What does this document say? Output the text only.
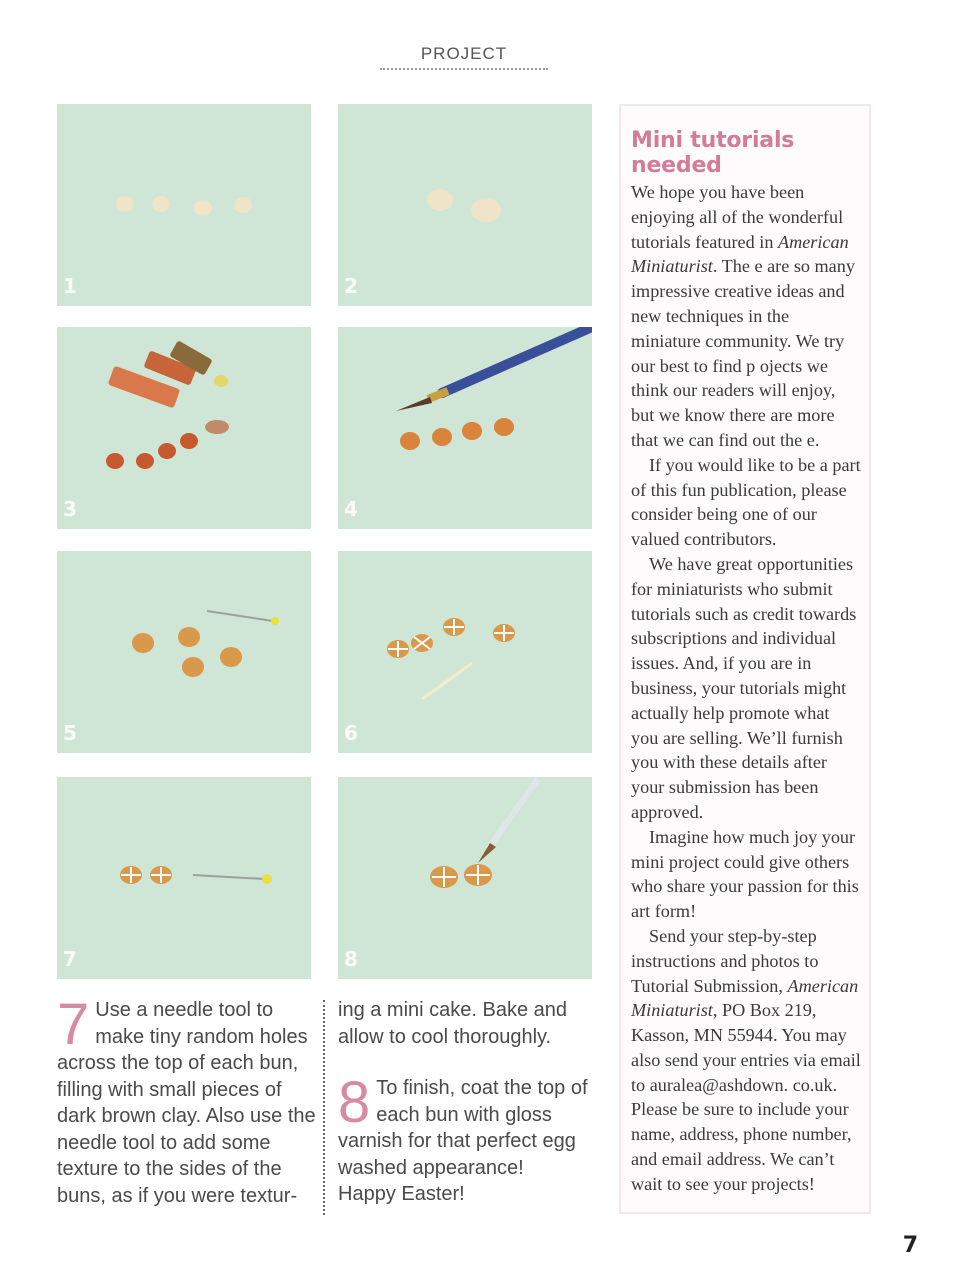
PROJECT
1	2
3	4
5	6
7	8
7 Use a needle tool to make tiny random holes across the top of each bun, filling with small pieces of dark brown clay. Also use the needle tool to add some texture to the sides of the buns, as if you were textur-
ing a mini cake. Bake and allow to cool thoroughly.
8 To finish, coat the top of each bun with gloss varnish for that perfect egg washed appearance!
Happy Easter!
Mini tutorials needed

We hope you have been enjoying all of the wonderful tutorials featured in American Miniaturist. The e are so many impressive creative ideas and new techniques in the miniature community. We try our best to find p ojects we think our readers will enjoy, but we know there are more that we can find out the e.

If you would like to be a part of this fun publication, please consider being one of our valued contributors.

We have great opportunities for miniaturists who submit tutorials such as credit towards subscriptions and individual issues. And, if you are in business, your tutorials might actually help promote what you are selling. We’ll furnish you with these details after your submission has been approved.

Imagine how much joy your mini project could give others who share your passion for this art form!

Send your step-by-step instructions and photos to Tutorial Submission, American Miniaturist, PO Box 219, Kasson, MN 55944. You may also send your entries via email to auralea@ashdown. co.uk. Please be sure to include your name, address, phone number, and email address. We can’t wait to see your projects!

7
